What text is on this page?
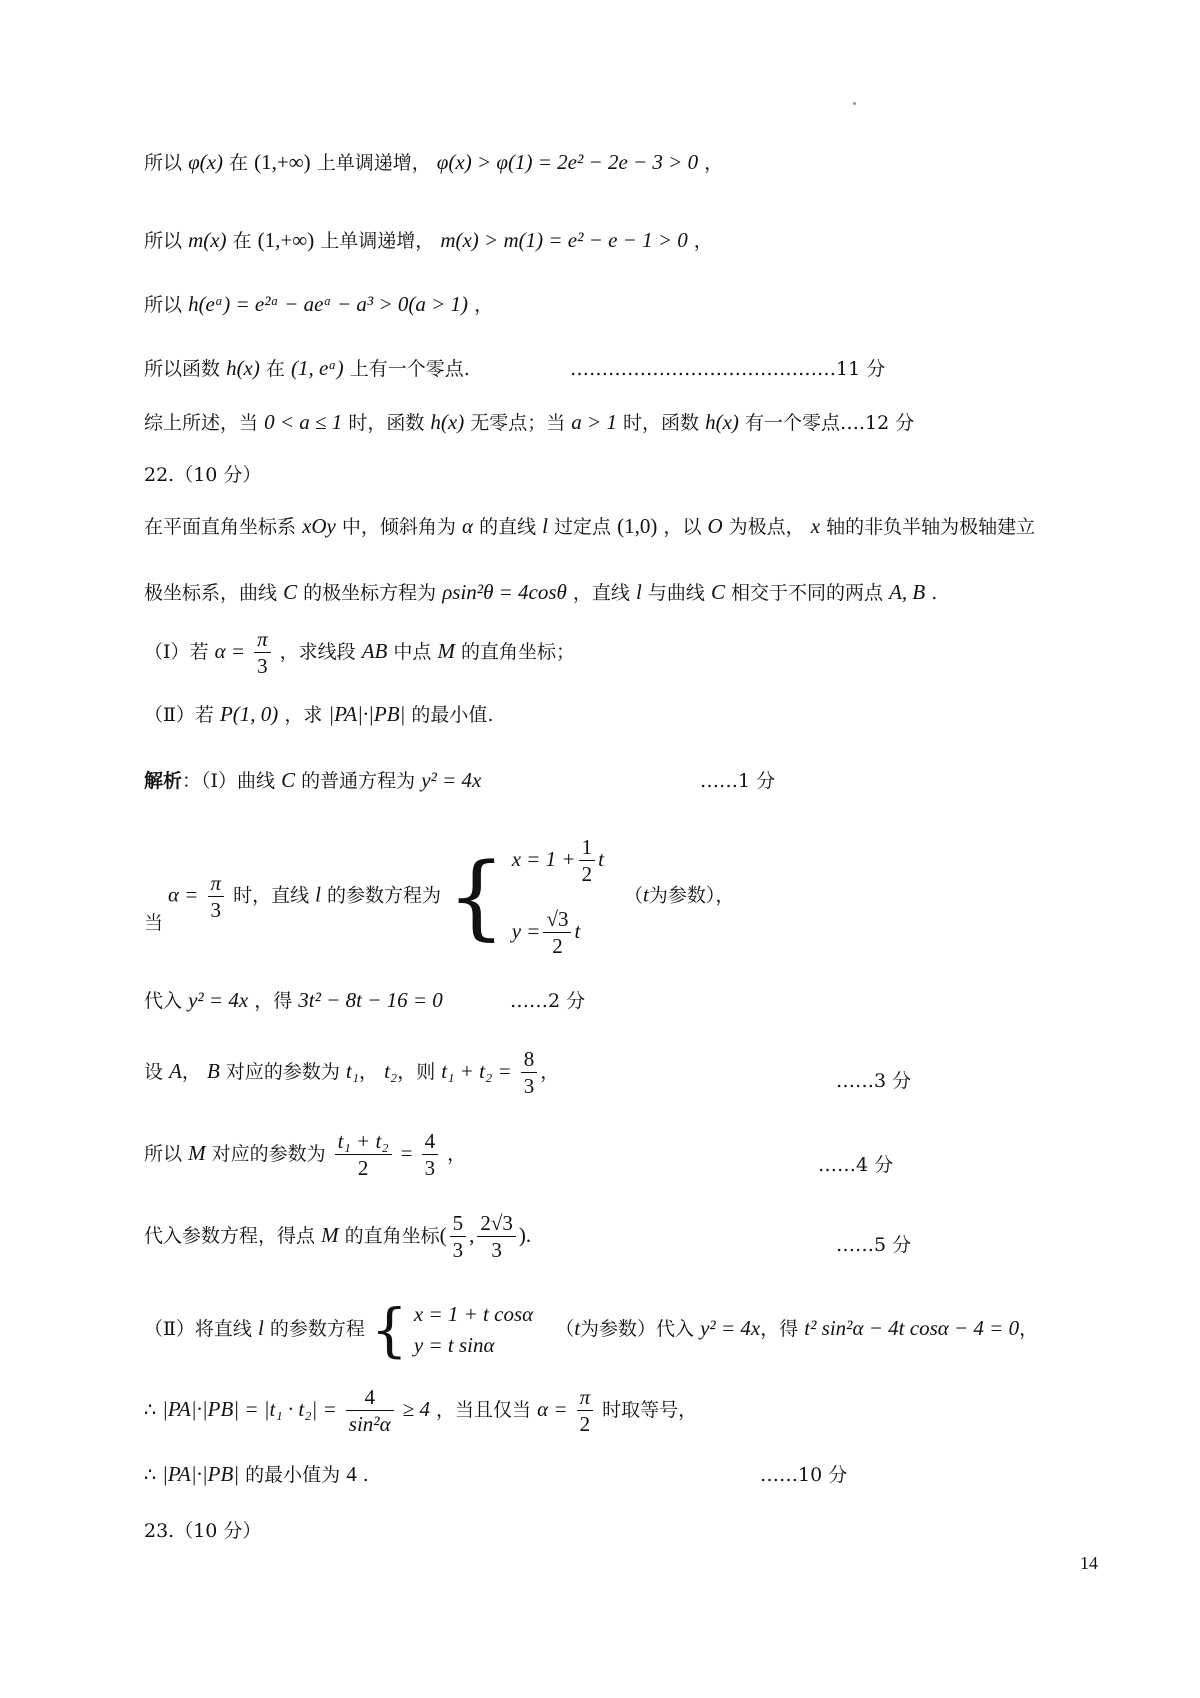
所以 φ(x) 在 (1,+∞) 上单调递增， φ(x) > φ(1) = 2e² − 2e − 3 > 0 ，
所以 m(x) 在 (1,+∞) 上单调递增， m(x) > m(1) = e² − e − 1 > 0 ，
所以 h(eᵃ) = e²ᵃ − aeᵃ − a³ > 0(a > 1) ，
所以函数 h(x) 在 (1, eᵃ) 上有一个零点.	……………………………………11 分
综上所述，当 0 < a ≤ 1 时，函数 h(x) 无零点；当 a > 1 时，函数 h(x) 有一个零点….12 分
22.（10 分）
在平面直角坐标系 xOy 中，倾斜角为 α 的直线 l 过定点 (1,0) ，以 O 为极点， x 轴的非负半轴为极轴建立
极坐标系，曲线 C 的极坐标方程为 ρsin²θ = 4cosθ ，直线 l 与曲线 C 相交于不同的两点 A, B .
（Ⅰ）若 $\alpha = \frac{\pi}{3}$ ，求线段 AB 中点 M 的直角坐标；
（Ⅱ）若 P(1, 0) ，求 |PA|·|PB| 的最小值.
解析：（Ⅰ）曲线 C 的普通方程为 y² = 4x	……1 分
当
$\alpha = \frac{\pi}{3}$ 时，直线 l 的参数方程为 { $x = 1 + \frac{1}{2}$ t
$y = \frac{√3}{2}$ t
（t为参数），
代入 y² = 4x ，得 3t² − 8t − 16 = 0	……2 分
设 A， B 对应的参数为 t₁， t₂，则 $t_1 + t_2 = \frac{8}{3}$ ，	……3 分
所以 M 对应的参数为 $\frac{\text{t₁ + t₂}}{2} = \frac{4}{3}$ ，
……4 分
代入参数方程，得点 M 的直角坐标( $\frac{5}{3}$ , $\frac{2√3}{3}$ ).	……5 分
（Ⅱ）将直线 l 的参数方程 { x = 1 + t cosα
y = t sinα
（t为参数）代入 y² = 4x，得 t² sin²α − 4t cosα − 4 = 0，
∴ $|PA|\cdot|PB| = |t_1 \cdot t_2| = \frac{4}{\text{sin²α}} \ge 4$ ，当且仅当 $\alpha = \frac{\pi}{2}$ 时取等号，
∴ |PA|·|PB| 的最小值为 4 .	……10 分
23.（10 分）
14
